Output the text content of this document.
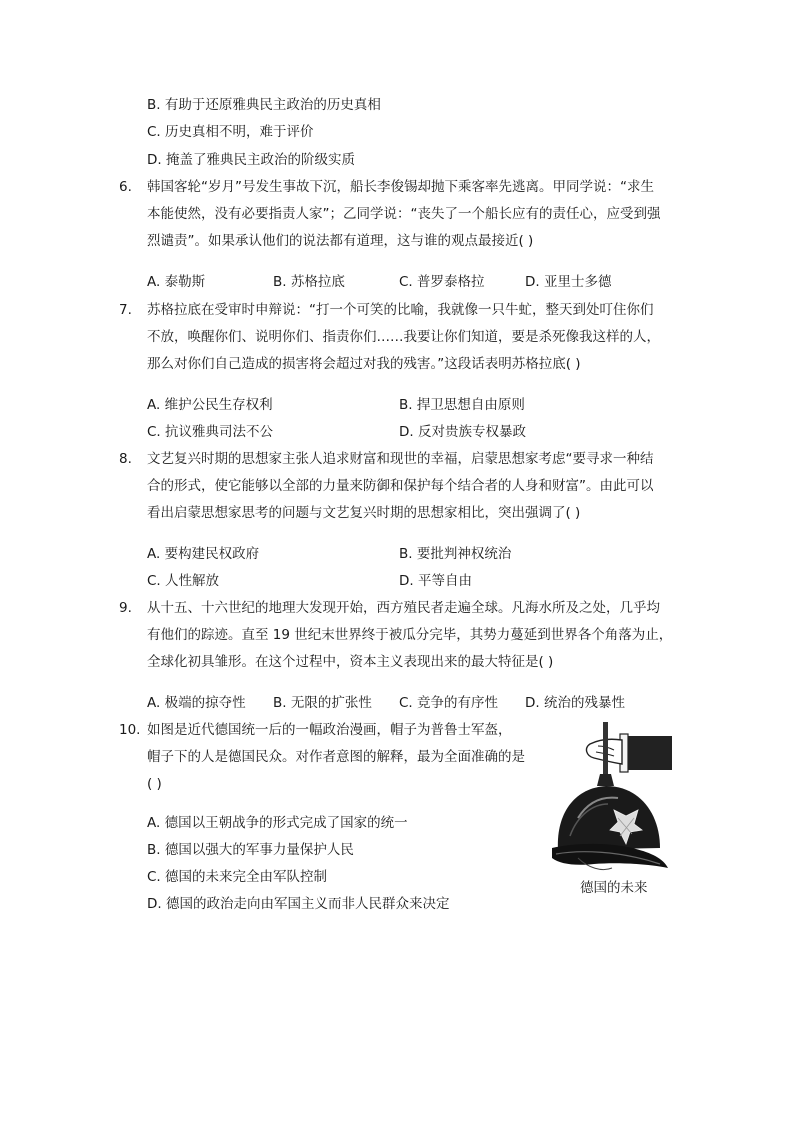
B. 有助于还原雅典民主政治的历史真相
C. 历史真相不明，难于评价
D. 掩盖了雅典民主政治的阶级实质
6. 韩国客轮“岁月”号发生事故下沉，船长李俊锡却抛下乘客率先逃离。甲同学说：“求生
本能使然，没有必要指责人家”；乙同学说：“丧失了一个船长应有的责任心，应受到强
烈谴责”。如果承认他们的说法都有道理，这与谁的观点最接近( )
A. 泰勒斯	B. 苏格拉底	C. 普罗泰格拉	D. 亚里士多德
7. 苏格拉底在受审时申辩说：“打一个可笑的比喻，我就像一只牛虻，整天到处叮住你们
不放，唤醒你们、说明你们、指责你们……我要让你们知道，要是杀死像我这样的人，
那么对你们自己造成的损害将会超过对我的残害。”这段话表明苏格拉底( )
A. 维护公民生存权利	B. 捍卫思想自由原则
C. 抗议雅典司法不公	D. 反对贵族专权暴政
8. 文艺复兴时期的思想家主张人追求财富和现世的幸福，启蒙思想家考虑“要寻求一种结
合的形式，使它能够以全部的力量来防御和保护每个结合者的人身和财富”。由此可以
看出启蒙思想家思考的问题与文艺复兴时期的思想家相比，突出强调了( )
A. 要构建民权政府	B. 要批判神权统治
C. 人性解放	D. 平等自由
9. 从十五、十六世纪的地理大发现开始，西方殖民者走遍全球。凡海水所及之处，几乎均
有他们的踪迹。直至 19 世纪末世界终于被瓜分完毕，其势力蔓延到世界各个角落为止，
全球化初具雏形。在这个过程中，资本主义表现出来的最大特征是( )
A. 极端的掠夺性 B. 无限的扩张性 C. 竞争的有序性 D. 统治的残暴性
10. 如图是近代德国统一后的一幅政治漫画，帽子为普鲁士军盔，
帽子下的人是德国民众。对作者意图的解释，最为全面准确的是
( )
A. 德国以王朝战争的形式完成了国家的统一
B. 德国以强大的军事力量保护人民
C. 德国的未来完全由军队控制
D. 德国的政治走向由军国主义而非人民群众来决定
德国的未来
